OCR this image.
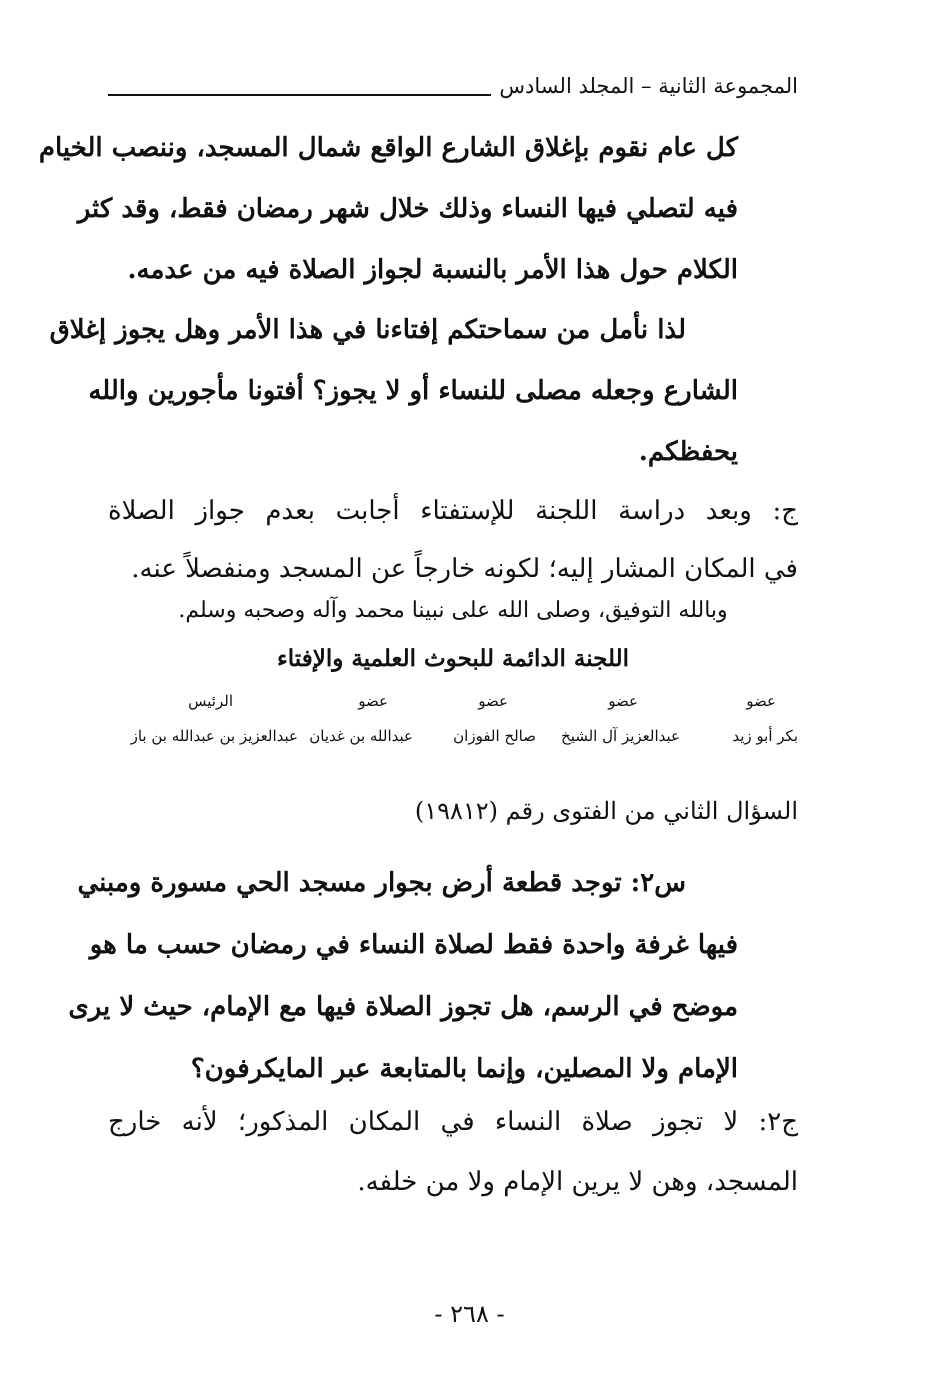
المجموعة الثانية – المجلد السادس
كل عام نقوم بإغلاق الشارع الواقع شمال المسجد، وننصب الخيام
فيه لتصلي فيها النساء وذلك خلال شهر رمضان فقط، وقد كثر
الكلام حول هذا الأمر بالنسبة لجواز الصلاة فيه من عدمه.
لذا نأمل من سماحتكم إفتاءنا في هذا الأمر وهل يجوز إغلاق
الشارع وجعله مصلى للنساء أو لا يجوز؟ أفتونا مأجورين والله
يحفظكم.
ج: وبعد دراسة اللجنة للإستفتاء أجابت بعدم جواز الصلاة
في المكان المشار إليه؛ لكونه خارجاً عن المسجد ومنفصلاً عنه.
وبالله التوفيق، وصلى الله على نبينا محمد وآله وصحبه وسلم.
اللجنة الدائمة للبحوث العلمية والإفتاء
عضو
عضو
عضو
عضو
الرئيس
بكر أبو زيد
عبدالعزيز آل الشيخ
صالح الفوزان
عبدالله بن غديان
عبدالعزيز بن عبدالله بن باز
السؤال الثاني من الفتوى رقم (١٩٨١٢)
س٢: توجد قطعة أرض بجوار مسجد الحي مسورة ومبني
فيها غرفة واحدة فقط لصلاة النساء في رمضان حسب ما هو
موضح في الرسم، هل تجوز الصلاة فيها مع الإمام، حيث لا يرى
الإمام ولا المصلين، وإنما بالمتابعة عبر المايكرفون؟
ج٢: لا تجوز صلاة النساء في المكان المذكور؛ لأنه خارج
المسجد، وهن لا يرين الإمام ولا من خلفه.
- ٢٦٨ -
